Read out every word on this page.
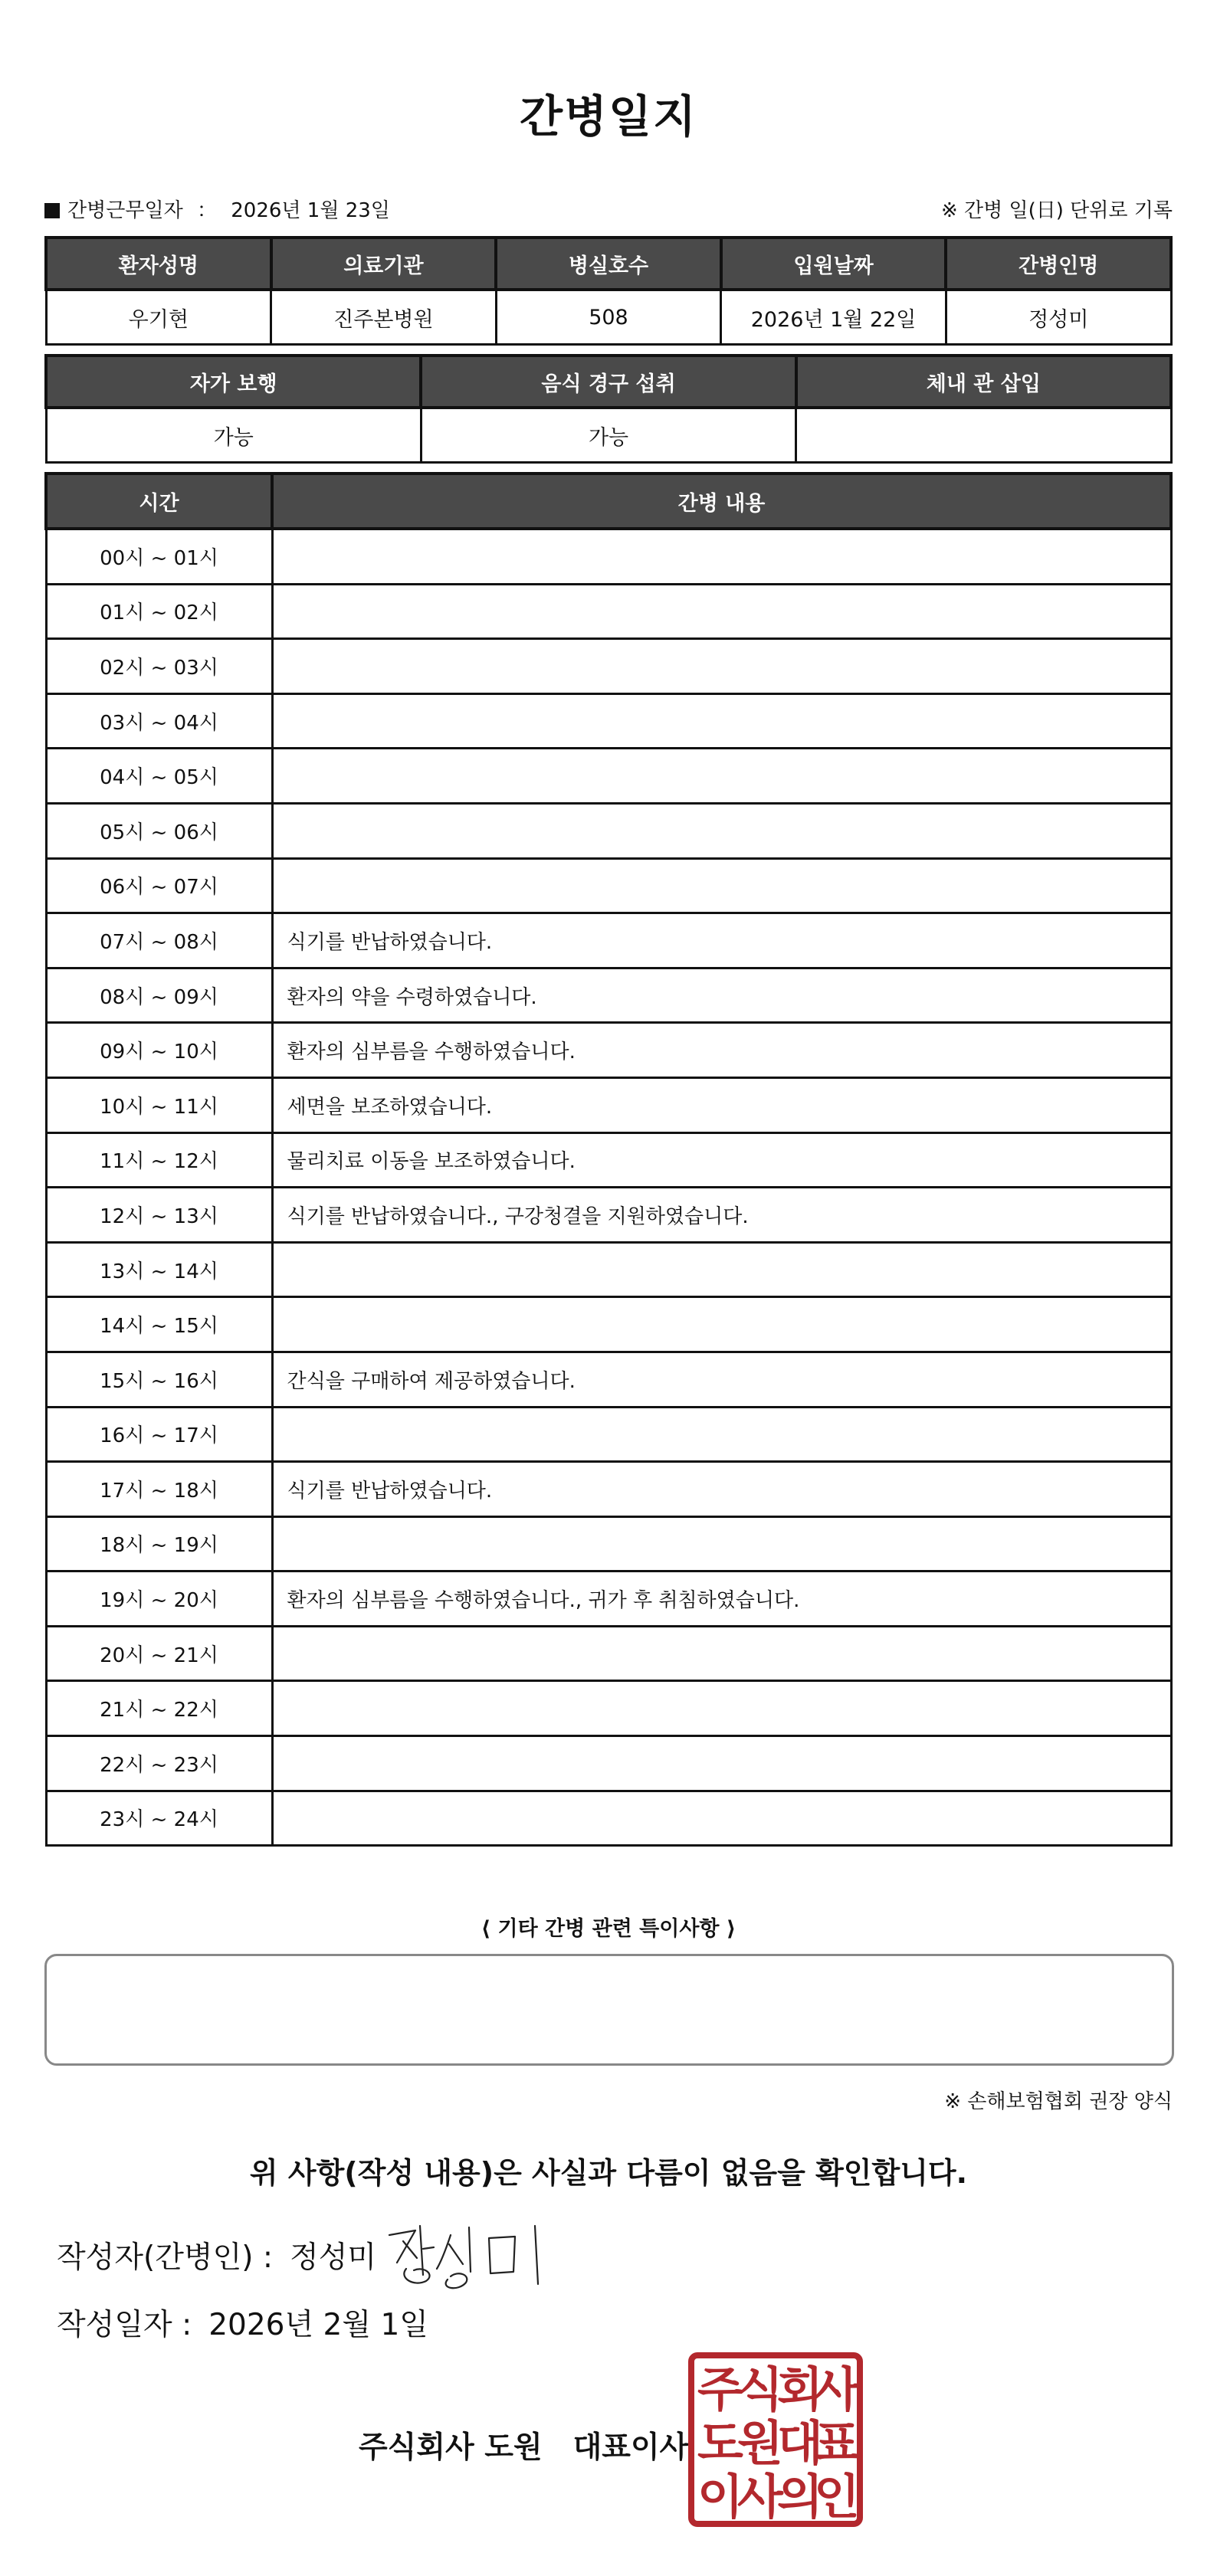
간병일지
간병근무일자 ： 2026년 1월 23일	※ 간병 일(日) 단위로 기록
환자성명	의료기관	병실호수	입원날짜	간병인명
우기현	진주본병원	508	2026년 1월 22일	정성미
자가 보행	음식 경구 섭취	체내 관 삽입
가능	가능	
시간	간병 내용
00시 ~ 01시	
01시 ~ 02시	
02시 ~ 03시	
03시 ~ 04시	
04시 ~ 05시	
05시 ~ 06시	
06시 ~ 07시	
07시 ~ 08시	식기를 반납하였습니다.
08시 ~ 09시	환자의 약을 수령하였습니다.
09시 ~ 10시	환자의 심부름을 수행하였습니다.
10시 ~ 11시	세면을 보조하였습니다.
11시 ~ 12시	물리치료 이동을 보조하였습니다.
12시 ~ 13시	식기를 반납하였습니다., 구강청결을 지원하였습니다.
13시 ~ 14시	
14시 ~ 15시	
15시 ~ 16시	간식을 구매하여 제공하였습니다.
16시 ~ 17시	
17시 ~ 18시	식기를 반납하였습니다.
18시 ~ 19시	
19시 ~ 20시	환자의 심부름을 수행하였습니다., 귀가 후 취침하였습니다.
20시 ~ 21시	
21시 ~ 22시	
22시 ~ 23시	
23시 ~ 24시	
⟨ 기타 간병 관련 특이사항 ⟩
※ 손해보험협회 권장 양식
위 사항(작성 내용)은 사실과 다름이 없음을 확인합니다.
작성자(간병인) : 정성미
작성일자 : 2026년 2월 1일
주식회사 도원 대표이사
주
식
회
사
도
원
대
표
이
사
의
인
